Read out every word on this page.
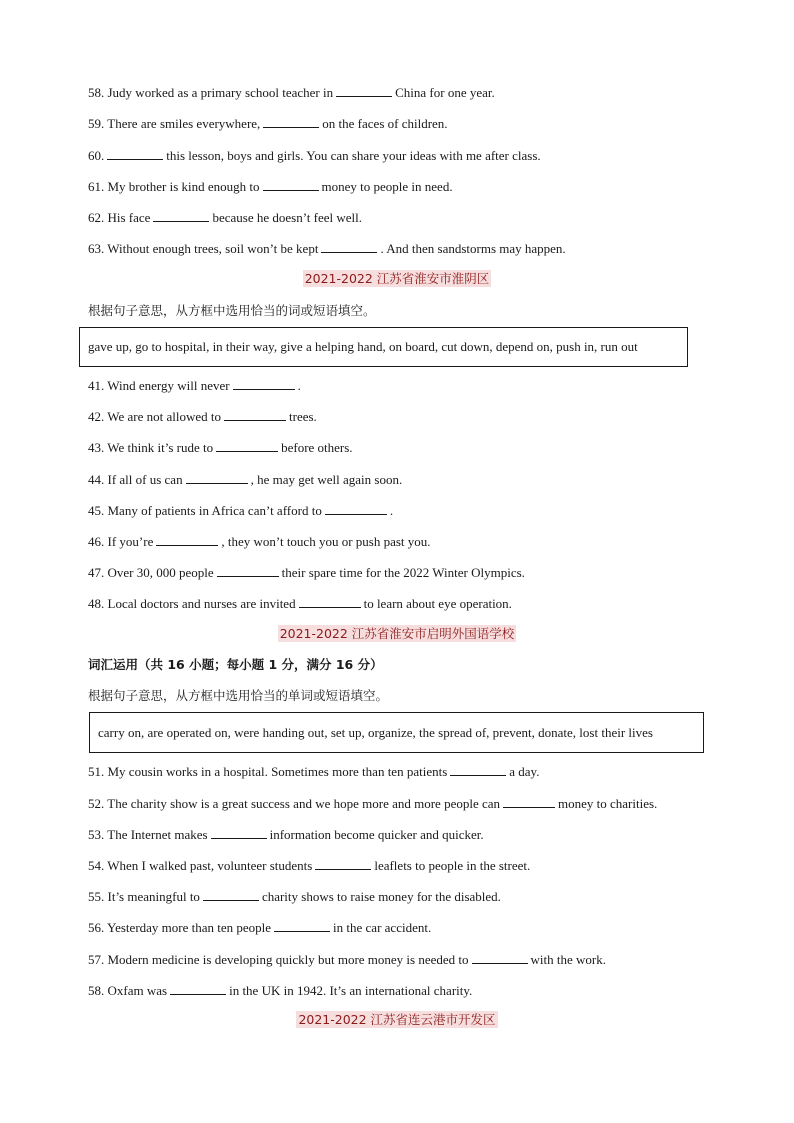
58. Judy worked as a primary school teacher in	China for one year.
59. There are smiles everywhere,	on the faces of children.
60.	this lesson, boys and girls. You can share your ideas with me after class.
61. My brother is kind enough to	money to people in need.
62. His face	because he doesn’t feel well.
63. Without enough trees, soil won’t be kept	. And then sandstorms may happen.
2021-2022 江苏省淮安市淮阴区
根据句子意思，从方框中选用恰当的词或短语填空。
gave up, go to hospital, in their way, give a helping hand, on board, cut down, depend on, push in, run out
41. Wind energy will never	.
42. We are not allowed to	trees.
43. We think it’s rude to	before others.
44. If all of us can	, he may get well again soon.
45. Many of patients in Africa can’t afford to	.
46. If you’re	, they won’t touch you or push past you.
47. Over 30, 000 people	their spare time for the 2022 Winter Olympics.
48. Local doctors and nurses are invited	to learn about eye operation.
2021-2022 江苏省淮安市启明外国语学校
词汇运用（共 16 小题；每小题 1 分，满分 16 分）
根据句子意思，从方框中选用恰当的单词或短语填空。
carry on, are operated on, were handing out, set up, organize, the spread of, prevent, donate, lost their lives
51. My cousin works in a hospital. Sometimes more than ten patients	a day.
52. The charity show is a great success and we hope more and more people can	money to charities.
53. The Internet makes	information become quicker and quicker.
54. When I walked past, volunteer students	leaflets to people in the street.
55. It’s meaningful to	charity shows to raise money for the disabled.
56. Yesterday more than ten people	in the car accident.
57. Modern medicine is developing quickly but more money is needed to	with the work.
58. Oxfam was	in the UK in 1942. It’s an international charity.
2021-2022 江苏省连云港市开发区
